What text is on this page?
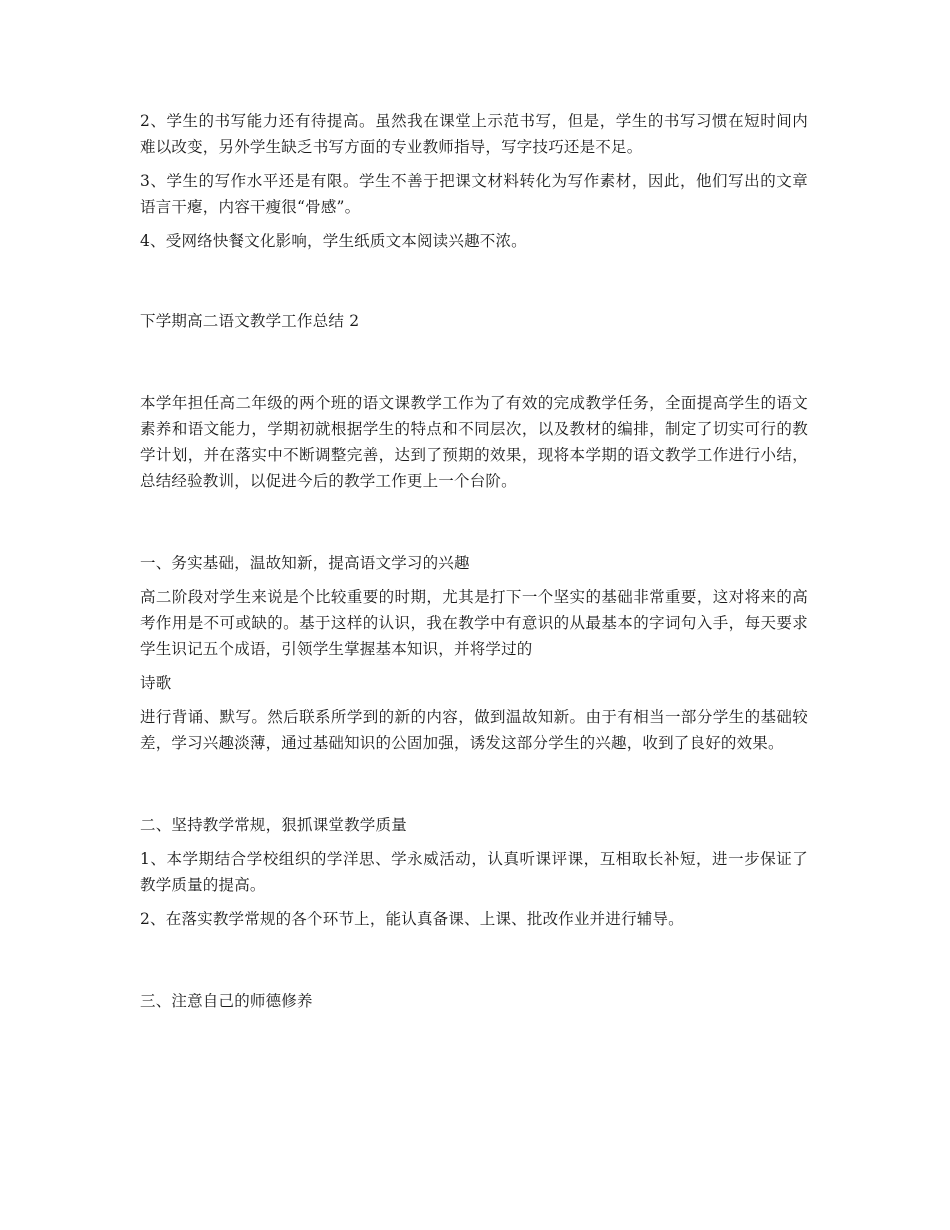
2、学生的书写能力还有待提高。虽然我在课堂上示范书写，但是，学生的书写习惯在短时间内难以改变，另外学生缺乏书写方面的专业教师指导，写字技巧还是不足。

3、学生的写作水平还是有限。学生不善于把课文材料转化为写作素材，因此，他们写出的文章语言干瘪，内容干瘦很“骨感”。

4、受网络快餐文化影响，学生纸质文本阅读兴趣不浓。

下学期高二语文教学工作总结 2

本学年担任高二年级的两个班的语文课教学工作为了有效的完成教学任务，全面提高学生的语文素养和语文能力，学期初就根据学生的特点和不同层次，以及教材的编排，制定了切实可行的教学计划，并在落实中不断调整完善，达到了预期的效果，现将本学期的语文教学工作进行小结，总结经验教训，以促进今后的教学工作更上一个台阶。

一、务实基础，温故知新，提高语文学习的兴趣

高二阶段对学生来说是个比较重要的时期，尤其是打下一个坚实的基础非常重要，这对将来的高考作用是不可或缺的。基于这样的认识，我在教学中有意识的从最基本的字词句入手，每天要求学生识记五个成语，引领学生掌握基本知识，并将学过的

诗歌

进行背诵、默写。然后联系所学到的新的内容，做到温故知新。由于有相当一部分学生的基础较差，学习兴趣淡薄，通过基础知识的公固加强，诱发这部分学生的兴趣，收到了良好的效果。

二、坚持教学常规，狠抓课堂教学质量

1、本学期结合学校组织的学洋思、学永威活动，认真听课评课，互相取长补短，进一步保证了教学质量的提高。

2、在落实教学常规的各个环节上，能认真备课、上课、批改作业并进行辅导。

三、注意自己的师德修养
